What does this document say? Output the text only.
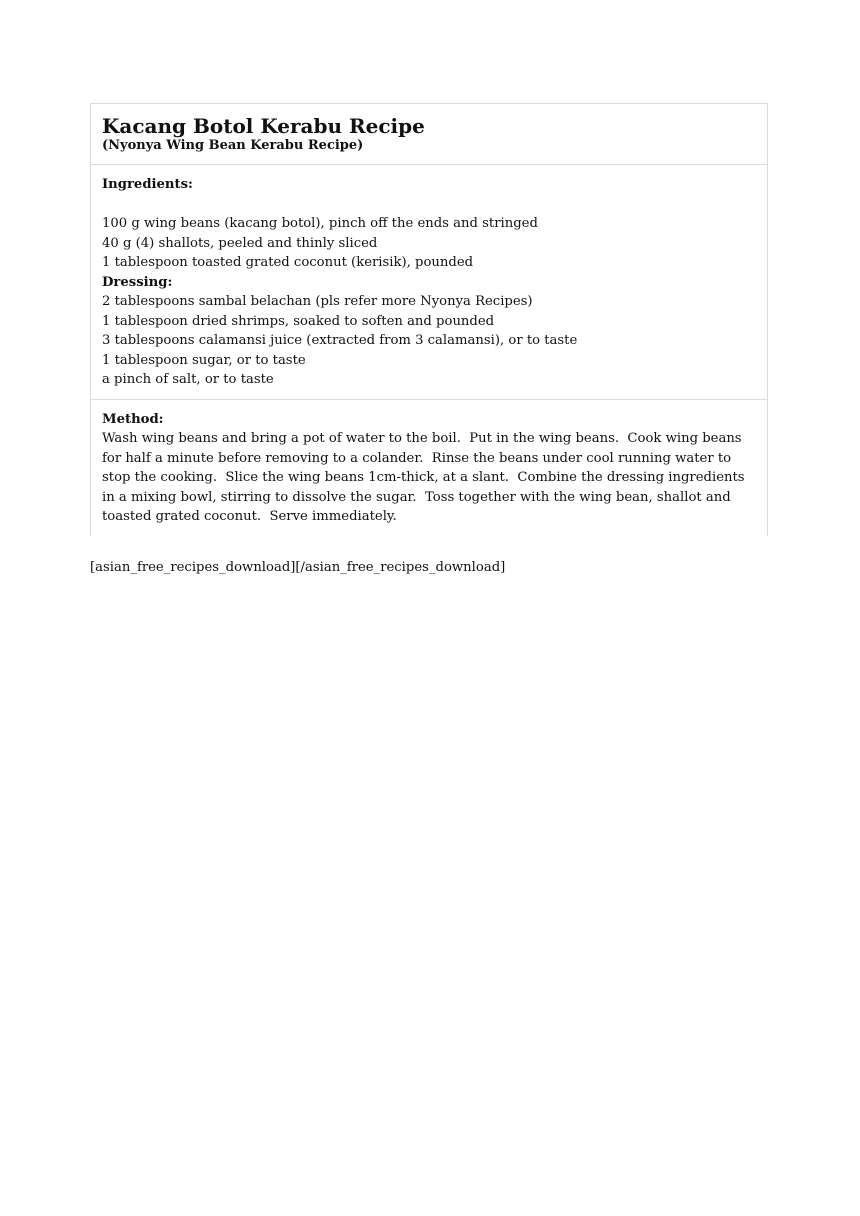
Kacang Botol Kerabu Recipe
(Nyonya Wing Bean Kerabu Recipe)
Ingredients:
100 g wing beans (kacang botol), pinch off the ends and stringed
40 g (4) shallots, peeled and thinly sliced
1 tablespoon toasted grated coconut (kerisik), pounded
Dressing:
2 tablespoons sambal belachan (pls refer more Nyonya Recipes)
1 tablespoon dried shrimps, soaked to soften and pounded
3 tablespoons calamansi juice (extracted from 3 calamansi), or to taste
1 tablespoon sugar, or to taste
a pinch of salt, or to taste
Method:
Wash wing beans and bring a pot of water to the boil.  Put in the wing beans.  Cook wing beans for half a minute before removing to a colander.  Rinse the beans under cool running water to stop the cooking.  Slice the wing beans 1cm-thick, at a slant.  Combine the dressing ingredients in a mixing bowl, stirring to dissolve the sugar.  Toss together with the wing bean, shallot and toasted grated coconut.  Serve immediately.
[asian_free_recipes_download][/asian_free_recipes_download]
